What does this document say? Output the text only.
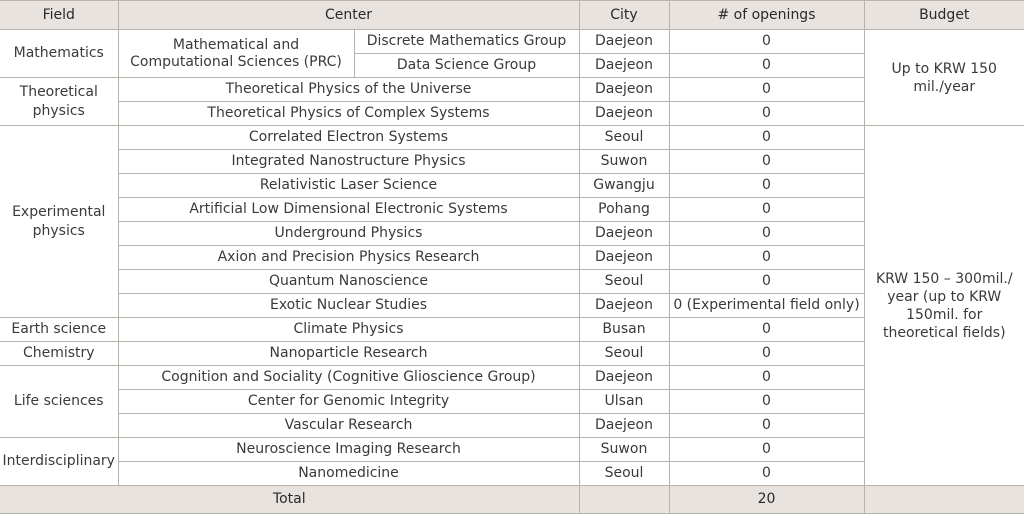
Field	Center		City	# of openings	Budget
Mathematics	Mathematical and Computational Sciences (PRC)	Discrete Mathematics Group	Daejeon	0	Up to KRW 150 mil./year
		Data Science Group	Daejeon	0	
Theoretical physics	Theoretical Physics of the Universe		Daejeon	0	
	Theoretical Physics of Complex Systems		Daejeon	0	
Experimental physics	Correlated Electron Systems		Seoul	0	KRW 150 – 300mil./ year (up to KRW 150mil. for theoretical fields)
	Integrated Nanostructure Physics		Suwon	0	
	Relativistic Laser Science		Gwangju	0	
	Artificial Low Dimensional Electronic Systems		Pohang	0	
	Underground Physics		Daejeon	0	
	Axion and Precision Physics Research		Daejeon	0	
	Quantum Nanoscience		Seoul	0	
	Exotic Nuclear Studies		Daejeon	0 (Experimental field only)	
Earth science	Climate Physics		Busan	0	
Chemistry	Nanoparticle Research		Seoul	0	
Life sciences	Cognition and Sociality (Cognitive Glioscience Group)		Daejeon	0	
	Center for Genomic Integrity		Ulsan	0	
	Vascular Research		Daejeon	0	
Interdisciplinary	Neuroscience Imaging Research		Suwon	0	
	Nanomedicine		Seoul	0	
Total				20	
